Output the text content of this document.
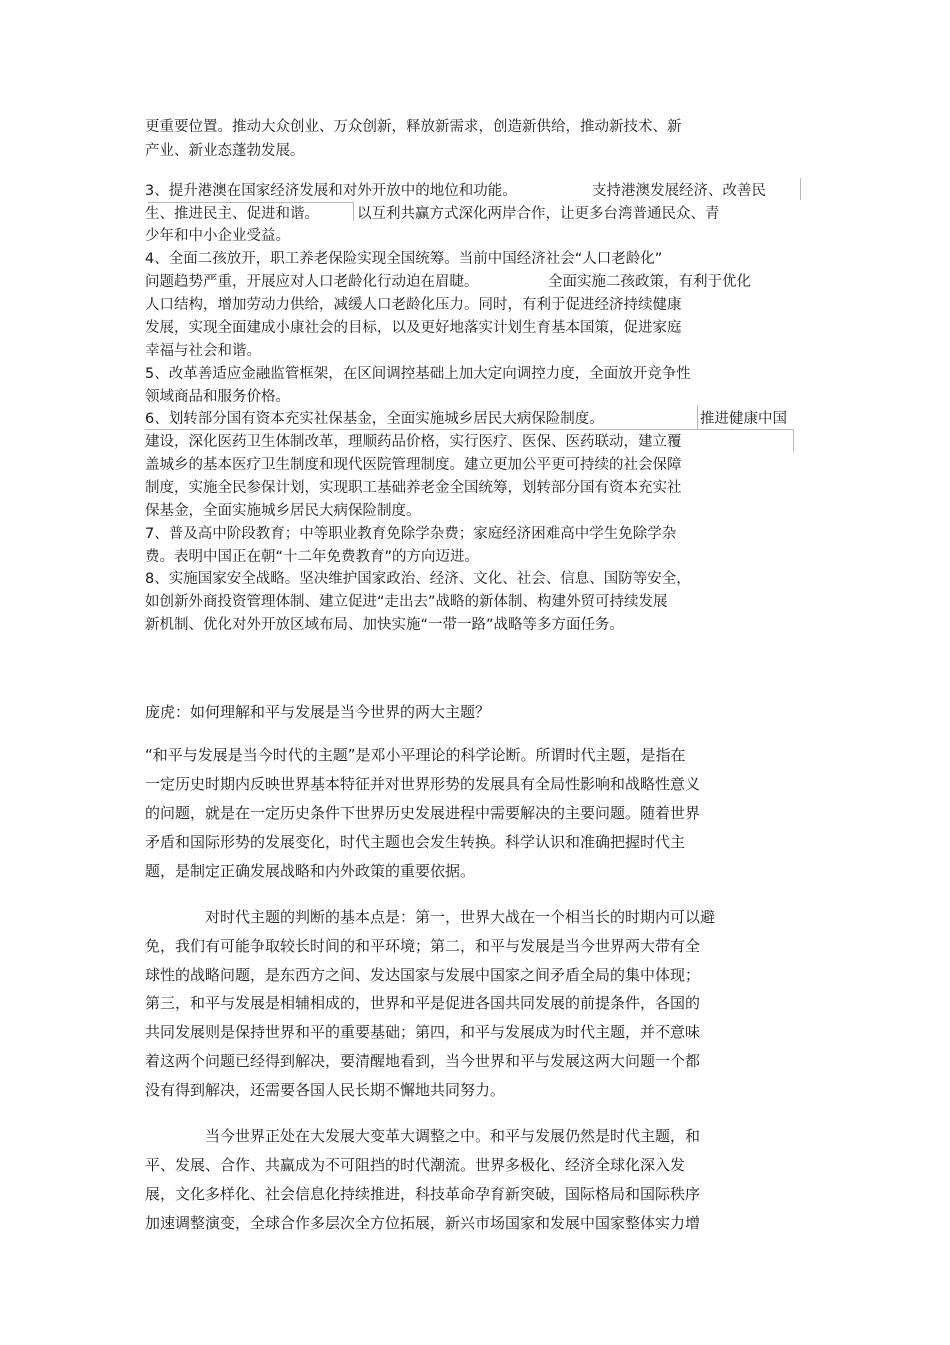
更重要位置。推动大众创业、万众创新，释放新需求，创造新供给，推动新技术、新
产业、新业态蓬勃发展。
3、提升港澳在国家经济发展和对外开放中的地位和功能。	支持港澳发展经济、改善民
生、推进民主、促进和谐。	以互利共赢方式深化两岸合作，让更多台湾普通民众、青
少年和中小企业受益。
4、全面二孩放开，职工养老保险实现全国统筹。当前中国经济社会“人口老龄化”
问题趋势严重，开展应对人口老龄化行动迫在眉睫。	全面实施二孩政策，有利于优化
人口结构，增加劳动力供给，减缓人口老龄化压力。同时，有利于促进经济持续健康
发展，实现全面建成小康社会的目标，以及更好地落实计划生育基本国策，促进家庭
幸福与社会和谐。
5、改革善适应金融监管框架，在区间调控基础上加大定向调控力度，全面放开竞争性
领域商品和服务价格。
6、划转部分国有资本充实社保基金，全面实施城乡居民大病保险制度。	推进健康中国
建设，深化医药卫生体制改革，理顺药品价格，实行医疗、医保、医药联动，建立覆
盖城乡的基本医疗卫生制度和现代医院管理制度。建立更加公平更可持续的社会保障
制度，实施全民参保计划，实现职工基础养老金全国统筹，划转部分国有资本充实社
保基金，全面实施城乡居民大病保险制度。
7、普及高中阶段教育；中等职业教育免除学杂费；家庭经济困难高中学生免除学杂
费。表明中国正在朝“十二年免费教育”的方向迈进。
8、实施国家安全战略。坚决维护国家政治、经济、文化、社会、信息、国防等安全，
如创新外商投资管理体制、建立促进“走出去”战略的新体制、构建外贸可持续发展
新机制、优化对外开放区域布局、加快实施“一带一路”战略等多方面任务。
庞虎：如何理解和平与发展是当今世界的两大主题？
“和平与发展是当今时代的主题”是邓小平理论的科学论断。所谓时代主题，是指在
一定历史时期内反映世界基本特征并对世界形势的发展具有全局性影响和战略性意义
的问题，就是在一定历史条件下世界历史发展进程中需要解决的主要问题。随着世界
矛盾和国际形势的发展变化，时代主题也会发生转换。科学认识和准确把握时代主
题，是制定正确发展战略和内外政策的重要依据。
对时代主题的判断的基本点是：第一，世界大战在一个相当长的时期内可以避
免，我们有可能争取较长时间的和平环境；第二，和平与发展是当今世界两大带有全
球性的战略问题，是东西方之间、发达国家与发展中国家之间矛盾全局的集中体现；
第三，和平与发展是相辅相成的，世界和平是促进各国共同发展的前提条件，各国的
共同发展则是保持世界和平的重要基础；第四，和平与发展成为时代主题，并不意味
着这两个问题已经得到解决，要清醒地看到，当今世界和平与发展这两大问题一个都
没有得到解决，还需要各国人民长期不懈地共同努力。
当今世界正处在大发展大变革大调整之中。和平与发展仍然是时代主题，和
平、发展、合作、共赢成为不可阻挡的时代潮流。世界多极化、经济全球化深入发
展，文化多样化、社会信息化持续推进，科技革命孕育新突破，国际格局和国际秩序
加速调整演变，全球合作多层次全方位拓展，新兴市场国家和发展中国家整体实力增
